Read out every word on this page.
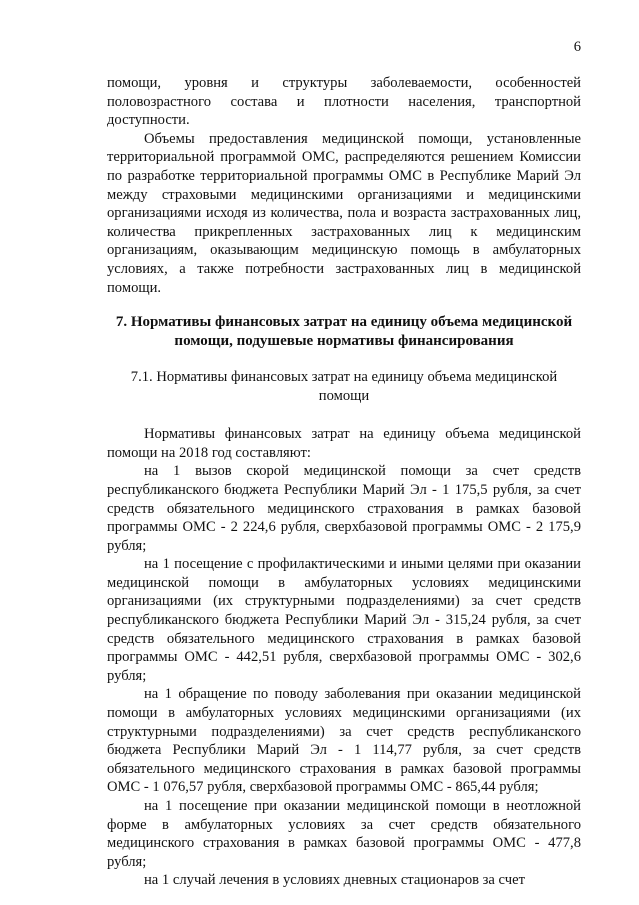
6

помощи, уровня и структуры заболеваемости, особенностей половозрастного состава и плотности населения, транспортной доступности.

Объемы предоставления медицинской помощи, установленные территориальной программой ОМС, распределяются решением Комиссии по разработке территориальной программы ОМС в Республике Марий Эл между страховыми медицинскими организациями и медицинскими организациями исходя из количества, пола и возраста застрахованных лиц, количества прикрепленных застрахованных лиц к медицинским организациям, оказывающим медицинскую помощь в амбулаторных условиях, а также потребности застрахованных лиц в медицинской помощи.

7. Нормативы финансовых затрат на единицу объема медицинской помощи, подушевые нормативы финансирования
7.1. Нормативы финансовых затрат на единицу объема медицинской помощи

Нормативы финансовых затрат на единицу объема медицинской помощи на 2018 год составляют:

на 1 вызов скорой медицинской помощи за счет средств республиканского бюджета Республики Марий Эл - 1 175,5 рубля, за счет средств обязательного медицинского страхования в рамках базовой программы ОМС - 2 224,6 рубля, сверхбазовой программы ОМС - 2 175,9 рубля;

на 1 посещение с профилактическими и иными целями при оказании медицинской помощи в амбулаторных условиях медицинскими организациями (их структурными подразделениями) за счет средств республиканского бюджета Республики Марий Эл - 315,24 рубля, за счет средств обязательного медицинского страхования в рамках базовой программы ОМС - 442,51 рубля, сверхбазовой программы ОМС - 302,6 рубля;

на 1 обращение по поводу заболевания при оказании медицинской помощи в амбулаторных условиях медицинскими организациями (их структурными подразделениями) за счет средств республиканского бюджета Республики Марий Эл - 1 114,77 рубля, за счет средств обязательного медицинского страхования в рамках базовой программы ОМС - 1 076,57 рубля, сверхбазовой программы ОМС - 865,44 рубля;

на 1 посещение при оказании медицинской помощи в неотложной форме в амбулаторных условиях за счет средств обязательного медицинского страхования в рамках базовой программы ОМС - 477,8 рубля;

на 1 случай лечения в условиях дневных стационаров за счет
